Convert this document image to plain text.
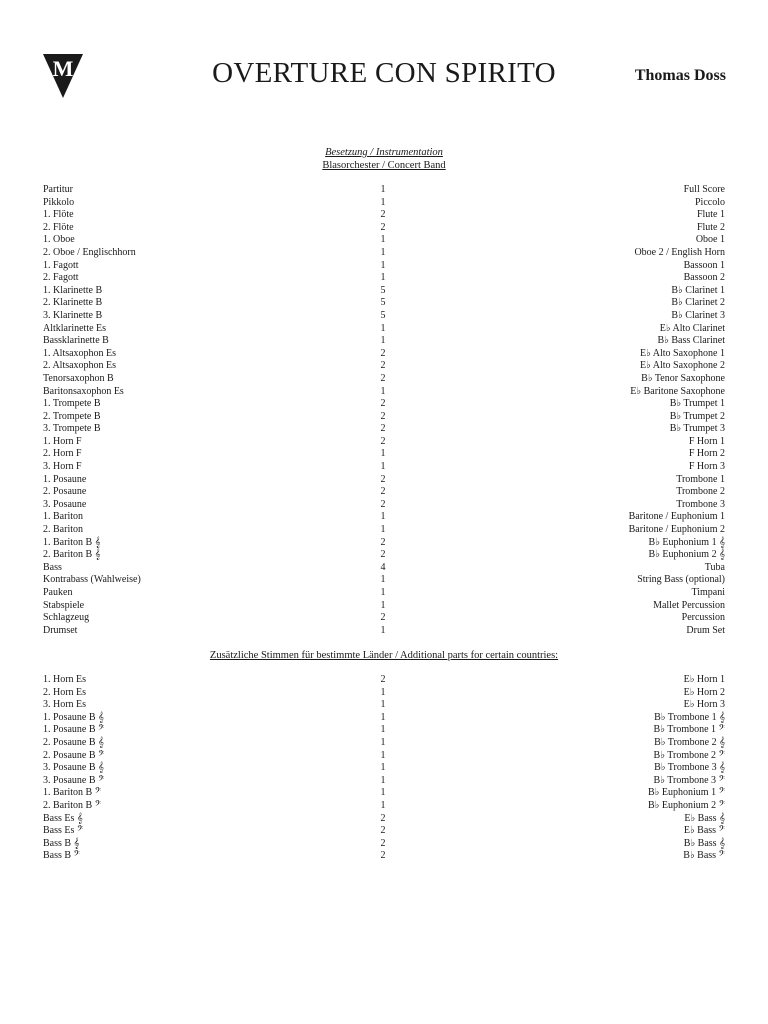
M	OVERTURE CON SPIRITO	Thomas Doss
Besetzung / Instrumentation
Blasorchester / Concert Band
Partitur	1	Full Score
Pikkolo	1	Piccolo
1. Flöte	2	Flute 1
2. Flöte	2	Flute 2
1. Oboe	1	Oboe 1
2. Oboe / Englischhorn	1	Oboe 2 / English Horn
1. Fagott	1	Bassoon 1
2. Fagott	1	Bassoon 2
1. Klarinette B	5	B♭ Clarinet 1
2. Klarinette B	5	B♭ Clarinet 2
3. Klarinette B	5	B♭ Clarinet 3
Altklarinette Es	1	E♭ Alto Clarinet
Bassklarinette B	1	B♭ Bass Clarinet
1. Altsaxophon Es	2	E♭ Alto Saxophone 1
2. Altsaxophon Es	2	E♭ Alto Saxophone 2
Tenorsaxophon B	2	B♭ Tenor Saxophone
Baritonsaxophon Es	1	E♭ Baritone Saxophone
1. Trompete B	2	B♭ Trumpet 1
2. Trompete B	2	B♭ Trumpet 2
3. Trompete B	2	B♭ Trumpet 3
1. Horn F	2	F Horn 1
2. Horn F	1	F Horn 2
3. Horn F	1	F Horn 3
1. Posaune	2	Trombone 1
2. Posaune	2	Trombone 2
3. Posaune	2	Trombone 3
1. Bariton	1	Baritone / Euphonium 1
2. Bariton	1	Baritone / Euphonium 2
1. Bariton B 𝄞	2	B♭ Euphonium 1 𝄞
2. Bariton B 𝄞	2	B♭ Euphonium 2 𝄞
Bass	4	Tuba
Kontrabass (Wahlweise)	1	String Bass (optional)
Pauken	1	Timpani
Stabspiele	1	Mallet Percussion
Schlagzeug	2	Percussion
Drumset	1	Drum Set
Zusätzliche Stimmen für bestimmte Länder / Additional parts for certain countries:
1. Horn Es	2	E♭ Horn 1
2. Horn Es	1	E♭ Horn 2
3. Horn Es	1	E♭ Horn 3
1. Posaune B 𝄞	1	B♭ Trombone 1 𝄞
1. Posaune B 𝄢	1	B♭ Trombone 1 𝄢
2. Posaune B 𝄞	1	B♭ Trombone 2 𝄞
2. Posaune B 𝄢	1	B♭ Trombone 2 𝄢
3. Posaune B 𝄞	1	B♭ Trombone 3 𝄞
3. Posaune B 𝄢	1	B♭ Trombone 3 𝄢
1. Bariton B 𝄢	1	B♭ Euphonium 1 𝄢
2. Bariton B 𝄢	1	B♭ Euphonium 2 𝄢
Bass Es 𝄞	2	E♭ Bass 𝄞
Bass Es 𝄢	2	E♭ Bass 𝄢
Bass B 𝄞	2	B♭ Bass 𝄞
Bass B 𝄢	2	B♭ Bass 𝄢
